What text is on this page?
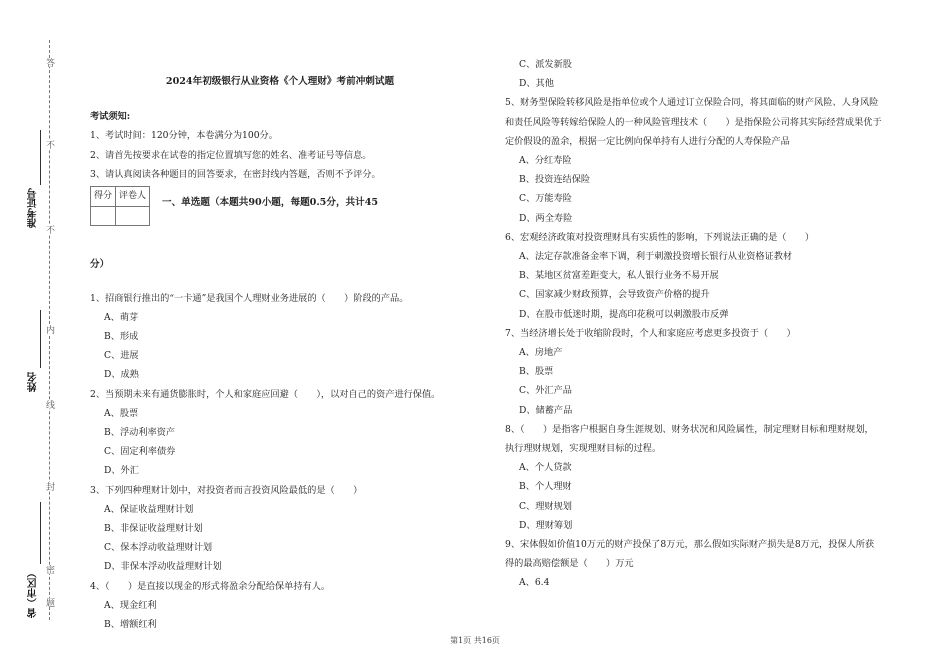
答
不
不
内
线
封
密
题
准考证号
姓名
省（市区）
2024年初级银行从业资格《个人理财》考前冲刺试题
考试须知:
1、考试时间：120分钟，本卷满分为100分。
2、请首先按要求在试卷的指定位置填写您的姓名、准考证号等信息。
3、请认真阅读各种题目的回答要求，在密封线内答题，否则不予评分。
得分	评卷人

分）
1、招商银行推出的“一卡通”是我国个人理财业务进展的（　　）阶段的产品。
A、萌芽
B、形成
C、进展
D、成熟
2、当预期未来有通货膨胀时，个人和家庭应回避（　　），以对自己的资产进行保值。
A、股票
B、浮动利率资产
C、固定利率债券
D、外汇
3、下列四种理财计划中，对投资者而言投资风险最低的是（　　）
A、保证收益理财计划
B、非保证收益理财计划
C、保本浮动收益理财计划
D、非保本浮动收益理财计划
4、（　　）是直接以现金的形式将盈余分配给保单持有人。
A、现金红利
B、增额红利
一、单选题（本题共90小题，每题0.5分，共计45
C、派发新股
D、其他
5、财务型保险转移风险是指单位或个人通过订立保险合同，将其面临的财产风险、人身风险
和责任风险等转嫁给保险人的一种风险管理技术（　　）是指保险公司将其实际经营成果优于
定价假设的盈余，根据一定比例向保单持有人进行分配的人寿保险产品
A、分红寿险
B、投资连结保险
C、万能寿险
D、两全寿险
6、宏观经济政策对投资理财具有实质性的影响，下列说法正确的是（　　）
A、法定存款准备金率下调，利于刺激投资增长银行从业资格证教材
B、某地区贫富差距变大，私人银行业务不易开展
C、国家减少财政预算，会导致资产价格的提升
D、在股市低迷时期，提高印花税可以刺激股市反弹
7、当经济增长处于收缩阶段时，个人和家庭应考虑更多投资于（　　）
A、房地产
B、股票
C、外汇产品
D、储蓄产品
8、（　　）是指客户根据自身生涯规划、财务状况和风险属性，制定理财目标和理财规划，
执行理财规划，实现理财目标的过程。
A、个人贷款
B、个人理财
C、理财规划
D、理财筹划
9、宋体假如价值10万元的财产投保了8万元，那么假如实际财产损失是8万元，投保人所获
得的最高赔偿额是（　　）万元
A、6.4
第1页 共16页
